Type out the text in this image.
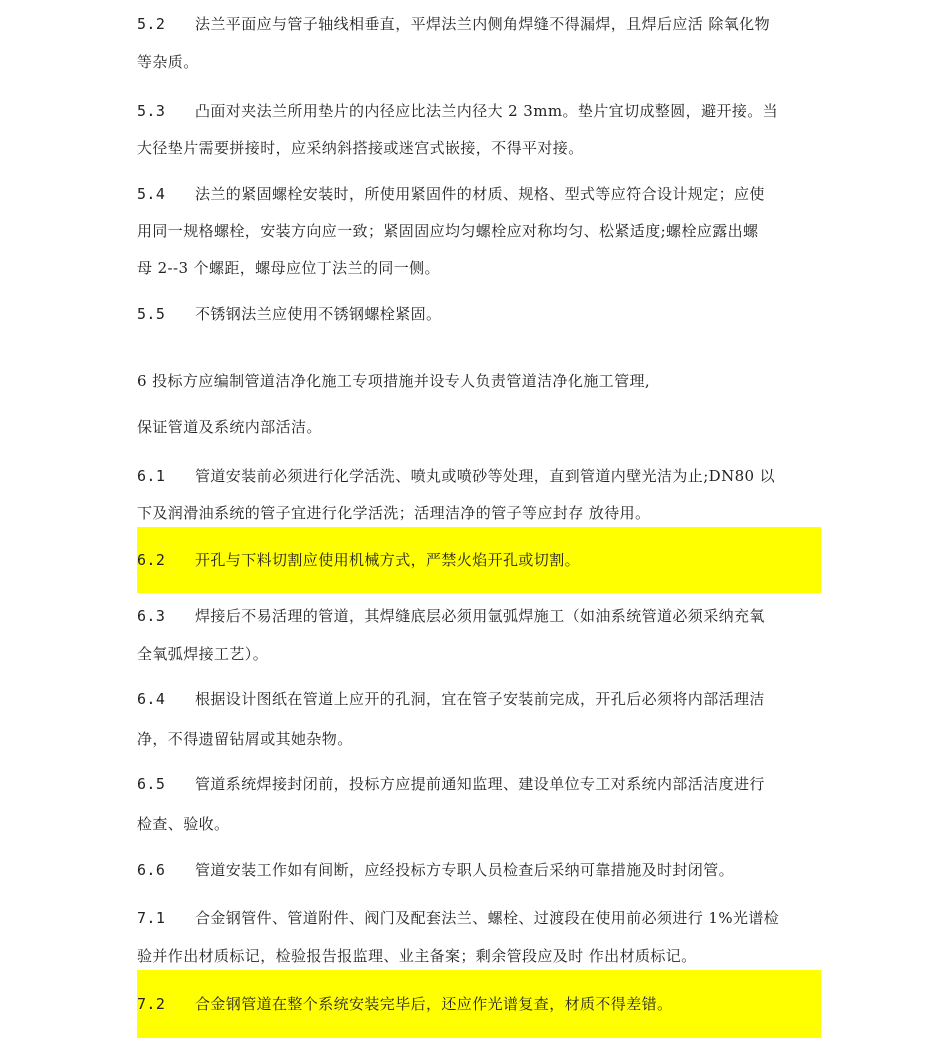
5.2 法兰平面应与管子轴线相垂直，平焊法兰内侧角焊缝不得漏焊，且焊后应活 除氧化物
等杂质。
5.3 凸面对夹法兰所用垫片的内径应比法兰内径大 2 3mm。垫片宜切成整圆，避开接。当
大径垫片需要拼接时，应采纳斜搭接或迷宫式嵌接，不得平对接。
5.4 法兰的紧固螺栓安装时，所使用紧固件的材质、规格、型式等应符合设计规定；应使
用同一规格螺栓，安装方向应一致；紧固固应均匀螺栓应对称均匀、松紧适度;螺栓应露出螺
母 2--3 个螺距，螺母应位丁法兰的同一侧。
5.5 不锈钢法兰应使用不锈钢螺栓紧固。
6 投标方应编制管道洁净化施工专项措施并设专人负责管道洁净化施工管理,
保证管道及系统内部活洁。
6.1 管道安装前必须进行化学活洗、喷丸或喷砂等处理，直到管道内壁光洁为止;DN80 以
下及润滑油系统的管子宜进行化学活洗；活理洁净的管子等应封存 放待用。
6.2 开孔与下料切割应使用机械方式，严禁火焰开孔或切割。
6.3 焊接后不易活理的管道，其焊缝底层必须用氩弧焊施工（如油系统管道必须采纳充氧
全氧弧焊接工艺）。
6.4 根据设计图纸在管道上应开的孔洞，宜在管子安装前完成，开孔后必须将内部活理洁
净，不得遗留钻屑或其她杂物。
6.5 管道系统焊接封闭前，投标方应提前通知监理、建设单位专工对系统内部活洁度进行
检查、验收。
6.6 管道安装工作如有间断，应经投标方专职人员检查后采纳可靠措施及时封闭管。
7.1 合金钢管件、管道附件、阀门及配套法兰、螺栓、过渡段在使用前必须进行 1%光谱检
验并作出材质标记，检验报告报监理、业主备案；剩余管段应及时 作出材质标记。
7.2 合金钢管道在整个系统安装完毕后，还应作光谱复查，材质不得差错。
